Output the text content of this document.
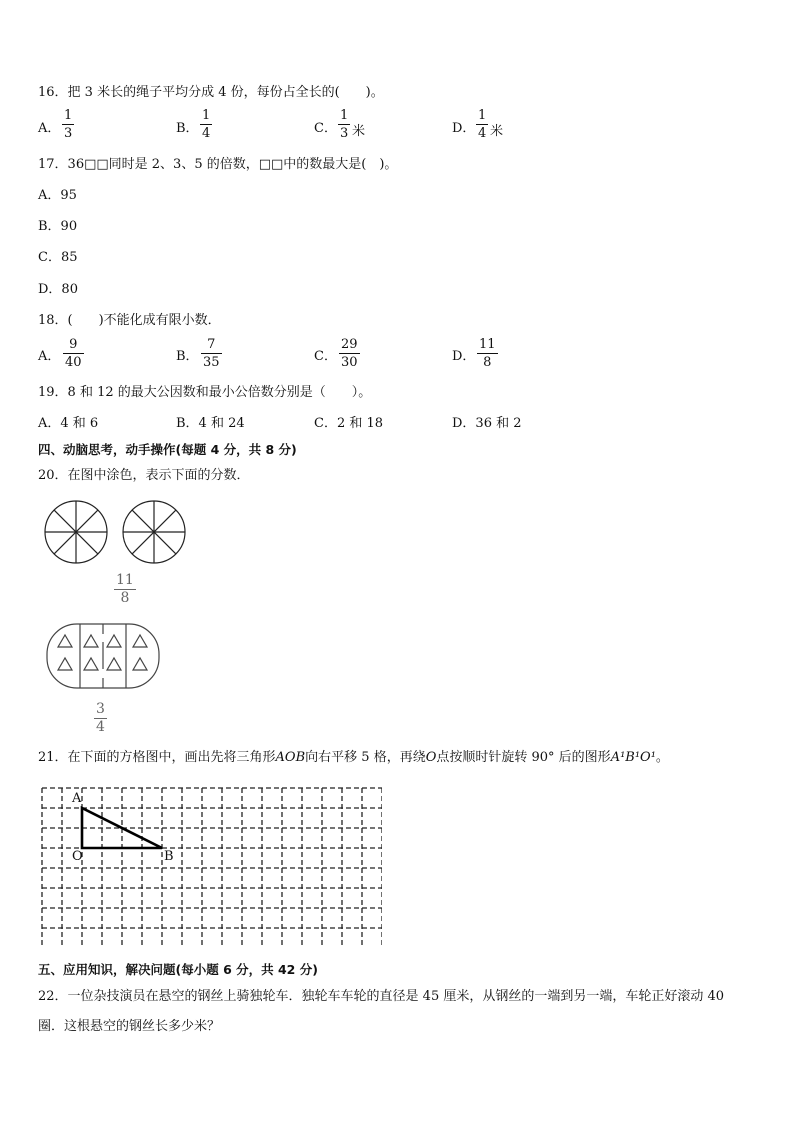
16．把 3 米长的绳子平均分成 4 份，每份占全长的(　　)。
A．
1
3	B．
1
4	C．
1
3 米	D．
1
4 米
17．36□□同时是 2、3、5 的倍数，□□中的数最大是(　)。
A．95
B．90
C．85
D．80
18．(　　)不能化成有限小数．
A．
9
40	B．
7
35	C．
29
30	D．
11
8
19．8 和 12 的最大公因数和最小公倍数分别是（　　）。
A．4 和 6	B．4 和 24	C．2 和 18	D．36 和 2
四、动脑思考，动手操作(每题 4 分，共 8 分)
20．在图中涂色，表示下面的分数．
11
8
3
4
21．在下面的方格图中，画出先将三角形AOB向右平移 5 格，再绕O点按顺时针旋转 90° 后的图形A¹B¹O¹。
A
O	B
五、应用知识，解决问题(每小题 6 分，共 42 分)
22．一位杂技演员在悬空的钢丝上骑独轮车．独轮车车轮的直径是 45 厘米，从钢丝的一端到另一端，车轮正好滚动 40
圈．这根悬空的钢丝长多少米？
